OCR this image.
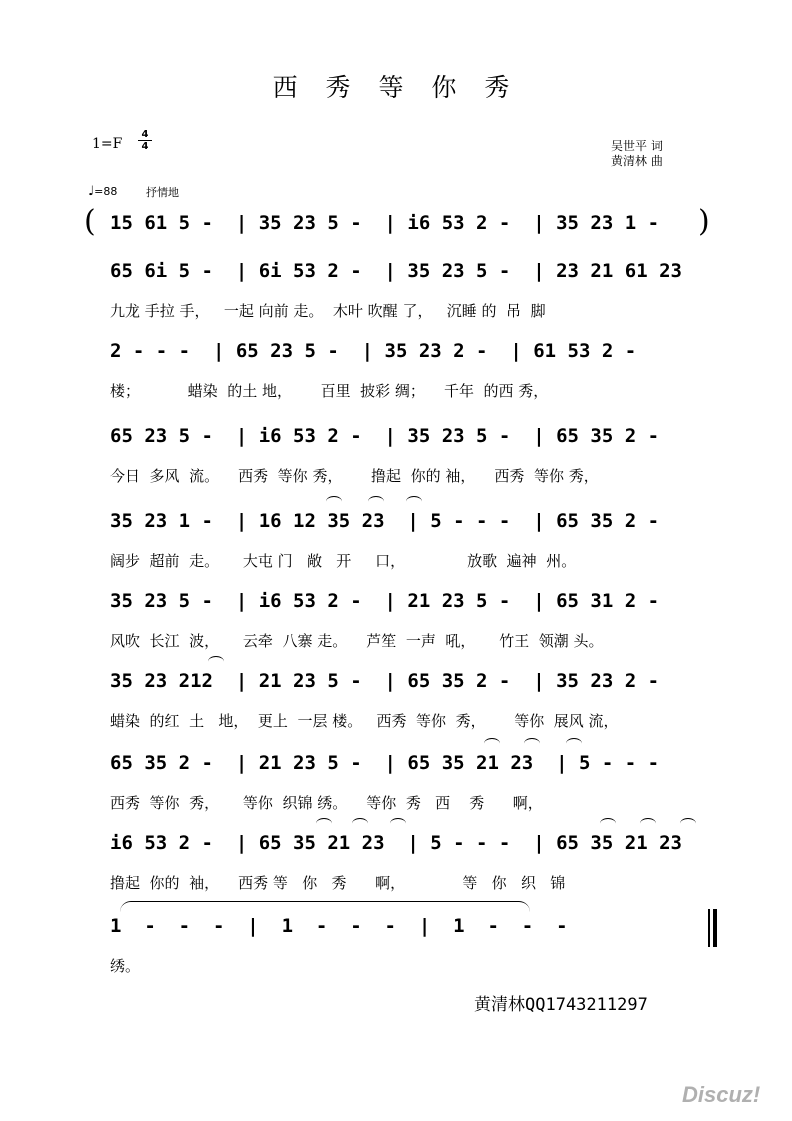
西 秀 等 你 秀
1=F
4
4	吴世平 词
黄清林 曲
♩=88	抒情地
( 15 61 5 -  | 35 23 5 -  | i6 53 2 -  | 35 23 1 - )
65 6i 5 -  | 6i 53 2 -  | 35 23 5 -  | 23 21 61 23
九龙 手拉 手，   一起 向前 走。  木叶 吹醒 了，   沉睡 的  吊  脚
2 - - -  | 65 23 5 -  | 35 23 2 -  | 61 53 2 -
楼；          蜡染  的土 地，      百里  披彩 绸；    千年  的西 秀，
65 23 5 -  | i6 53 2 -  | 35 23 5 -  | 65 35 2 -
今日  多风  流。    西秀  等你 秀，      撸起  你的 袖，    西秀  等你 秀，
35 23 1 -  | 16 12 35 23  | 5 - - -  | 65 35 2 -
阔步  超前  走。     大屯 门   敞   开     口，             放歌  遍神  州。
35 23 5 -  | i6 53 2 -  | 21 23 5 -  | 65 31 2 -
风吹  长江  波，     云牵  八寨 走。    芦笙  一声  吼，     竹王  领潮 头。
35 23 212  | 21 23 5 -  | 65 35 2 -  | 35 23 2 -
蜡染  的红  土   地，  更上  一层 楼。   西秀  等你  秀，      等你  展风 流，
65 35 2 -  | 21 23 5 -  | 65 35 21 23  | 5 - - -
西秀  等你  秀，     等你  织锦 绣。    等你  秀   西    秀      啊，
i6 53 2 -  | 65 35 21 23  | 5 - - -  | 65 35 21 23
撸起  你的  袖，    西秀 等   你   秀      啊，            等   你   织   锦
1  -  -  -  |  1  -  -  -  |  1  -  -  -
绣。
黄清林QQ1743211297
Discuz!
